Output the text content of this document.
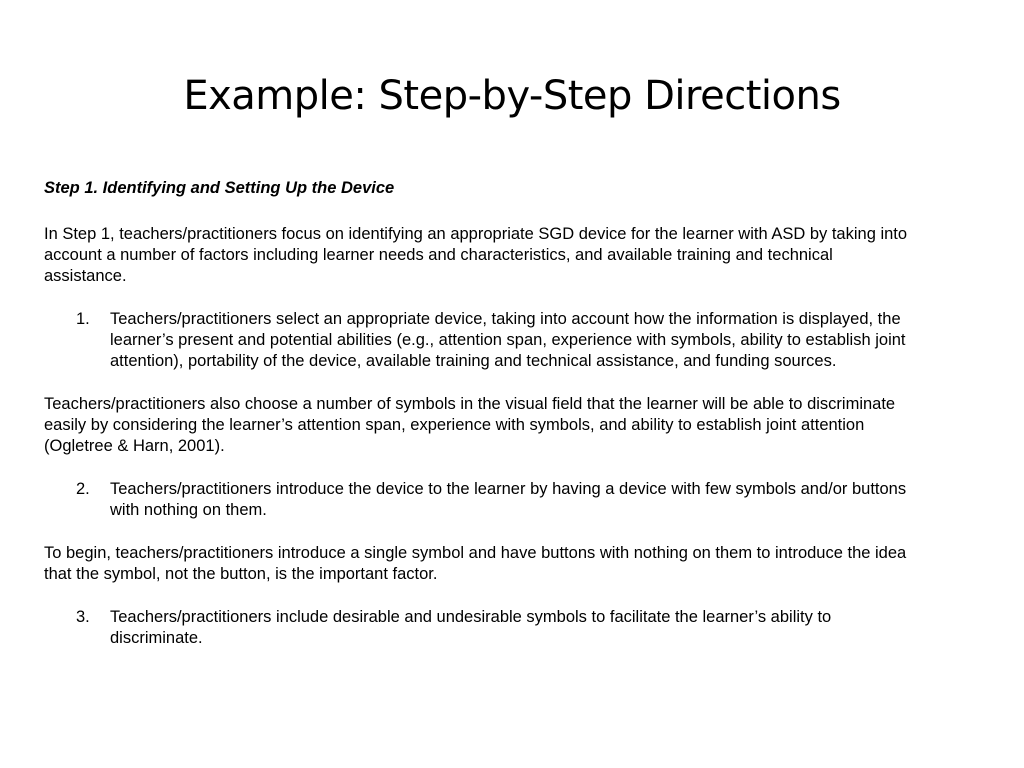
Example: Step-by-Step Directions

Step 1. Identifying and Setting Up the Device

In Step 1, teachers/practitioners focus on identifying an appropriate SGD device for the learner with ASD by taking into account a number of factors including learner needs and characteristics, and available training and technical assistance.

1.	Teachers/practitioners select an appropriate device, taking into account how the information is displayed, the learner’s present and potential abilities (e.g., attention span, experience with symbols, ability to establish joint attention), portability of the device, available training and technical assistance, and funding sources.

Teachers/practitioners also choose a number of symbols in the visual field that the learner will be able to discriminate easily by considering the learner’s attention span, experience with symbols, and ability to establish joint attention (Ogletree & Harn, 2001).

2.	Teachers/practitioners introduce the device to the learner by having a device with few symbols and/or buttons with nothing on them.

To begin, teachers/practitioners introduce a single symbol and have buttons with nothing on them to introduce the idea that the symbol, not the button, is the important factor.

3.	Teachers/practitioners include desirable and undesirable symbols to facilitate the learner’s ability to discriminate.
